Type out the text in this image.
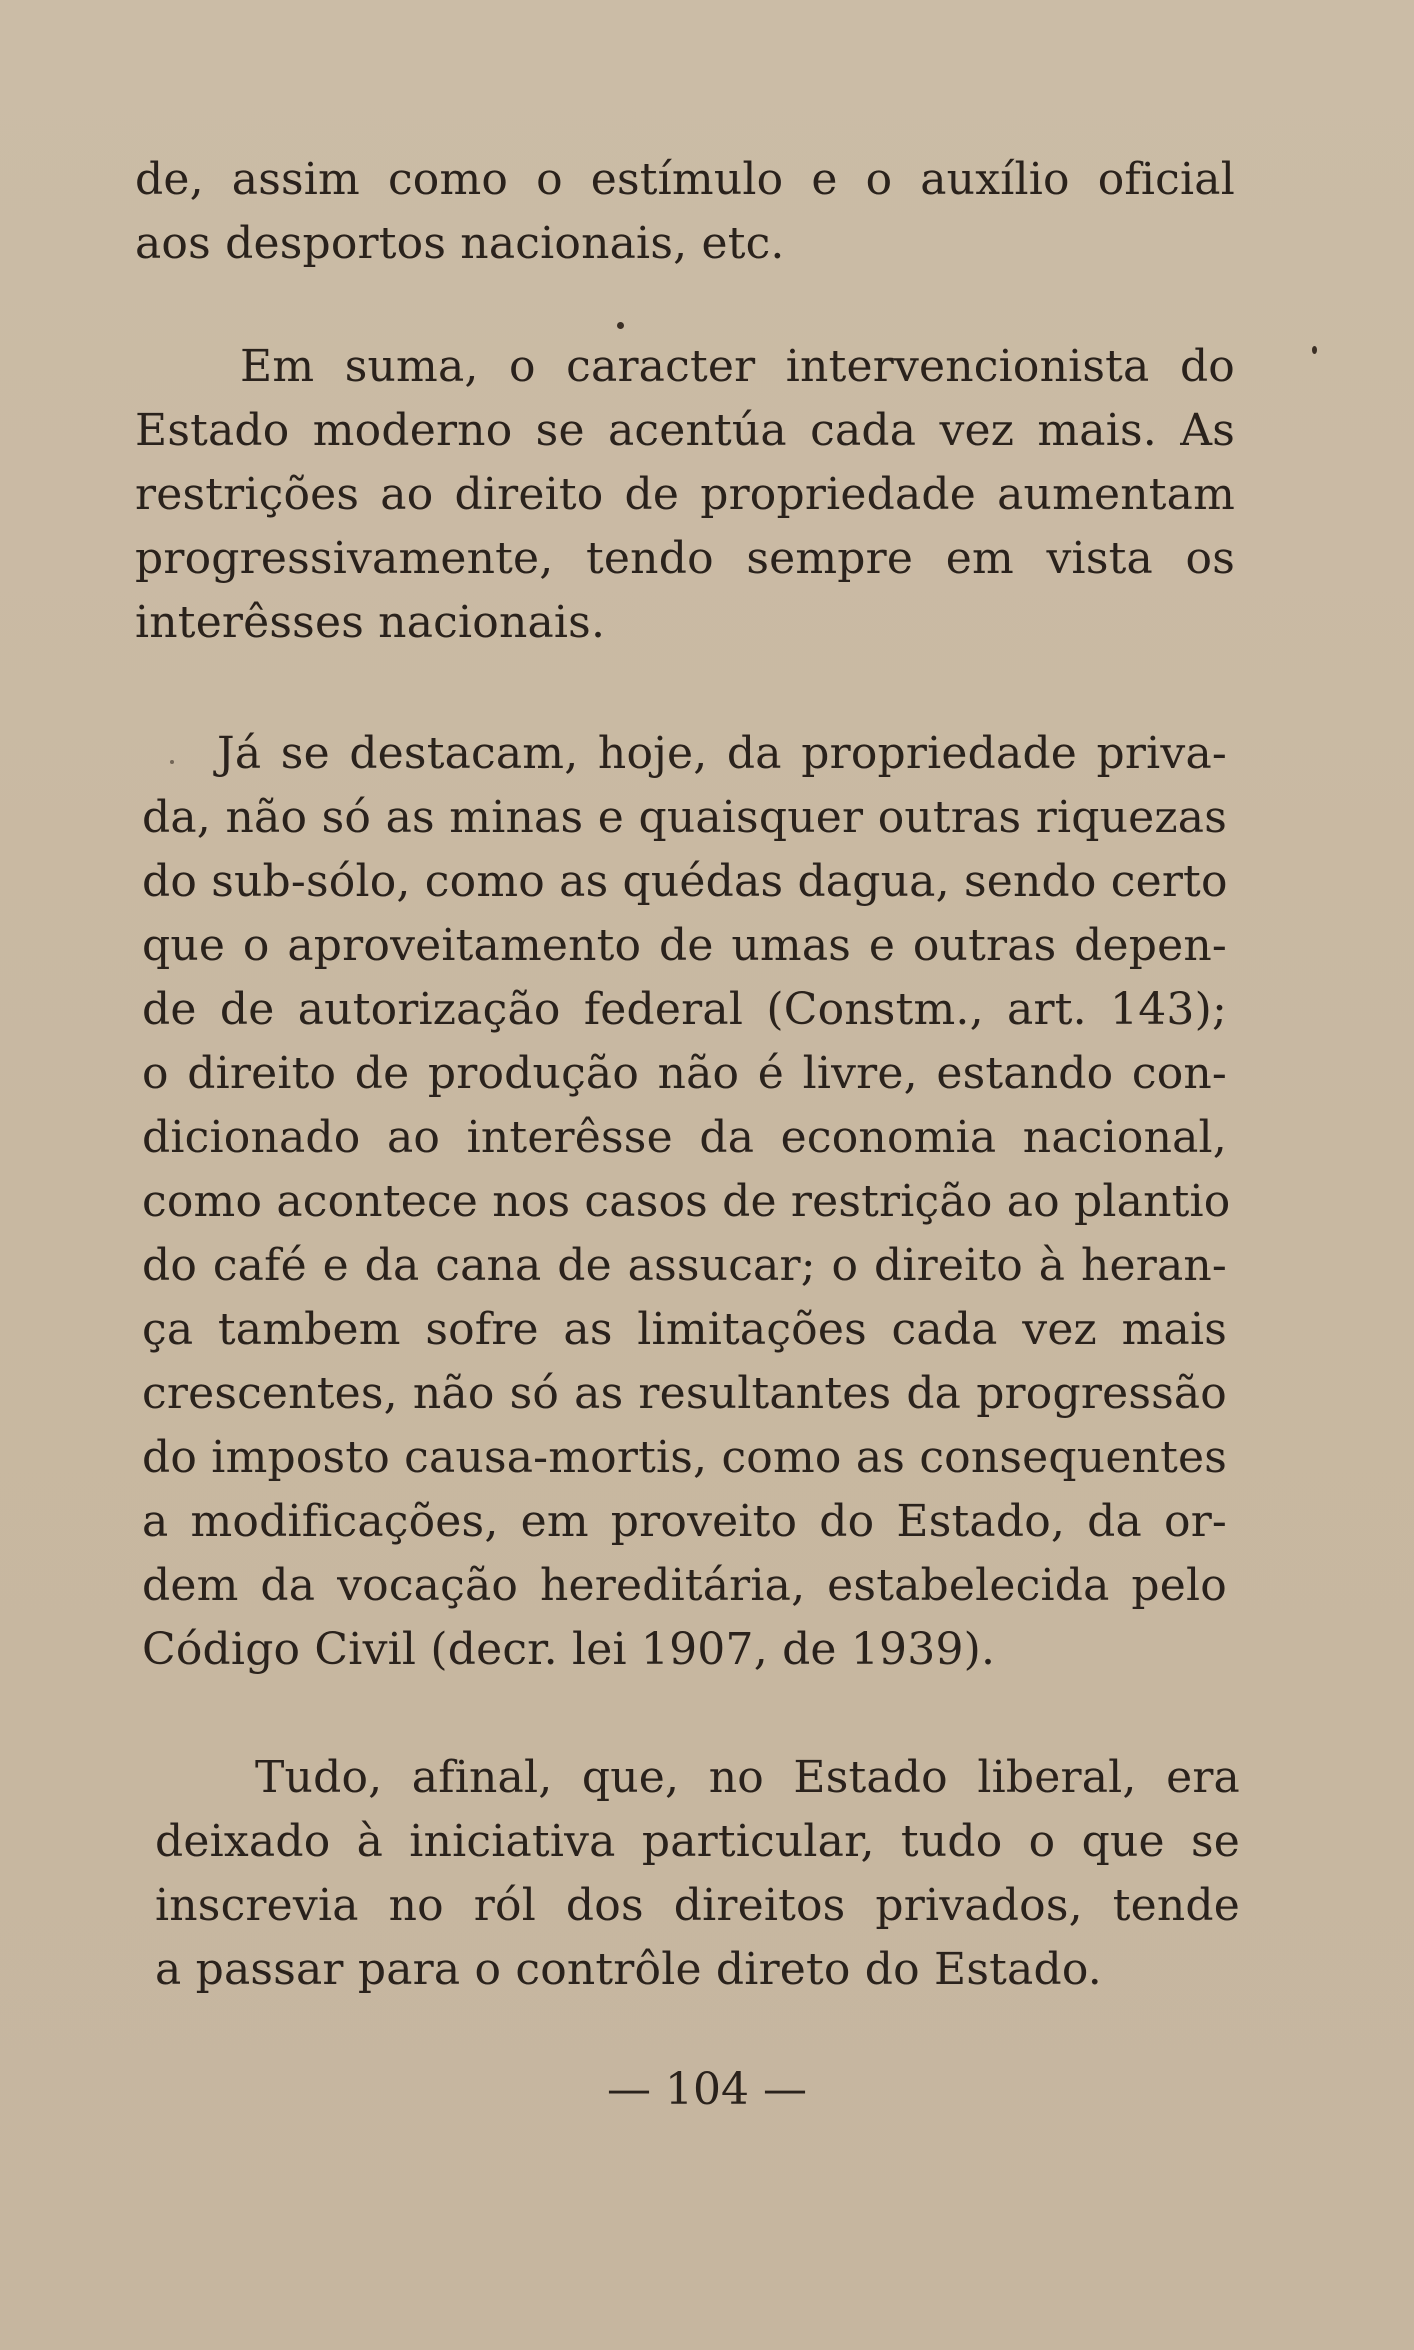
de, assim como o estímulo e o auxílio oficial
aos desportos nacionais, etc.
Em suma, o caracter intervencionista do
Estado moderno se acentúa cada vez mais. As
restrições ao direito de propriedade aumentam
progressivamente, tendo sempre em vista os
interêsses nacionais.
Já se destacam, hoje, da propriedade priva-
da, não só as minas e quaisquer outras riquezas
do sub-sólo, como as quédas dagua, sendo certo
que o aproveitamento de umas e outras depen-
de de autorização federal (Constm., art. 143);
o direito de produção não é livre, estando con-
dicionado ao interêsse da economia nacional,
como acontece nos casos de restrição ao plantio
do café e da cana de assucar; o direito à heran-
ça tambem sofre as limitações cada vez mais
crescentes, não só as resultantes da progressão
do imposto causa-mortis, como as consequentes
a modificações, em proveito do Estado, da or-
dem da vocação hereditária, estabelecida pelo
Código Civil (decr. lei 1907, de 1939).
Tudo, afinal, que, no Estado liberal, era
deixado à iniciativa particular, tudo o que se
inscrevia no ról dos direitos privados, tende
a passar para o contrôle direto do Estado.
— 104 —
